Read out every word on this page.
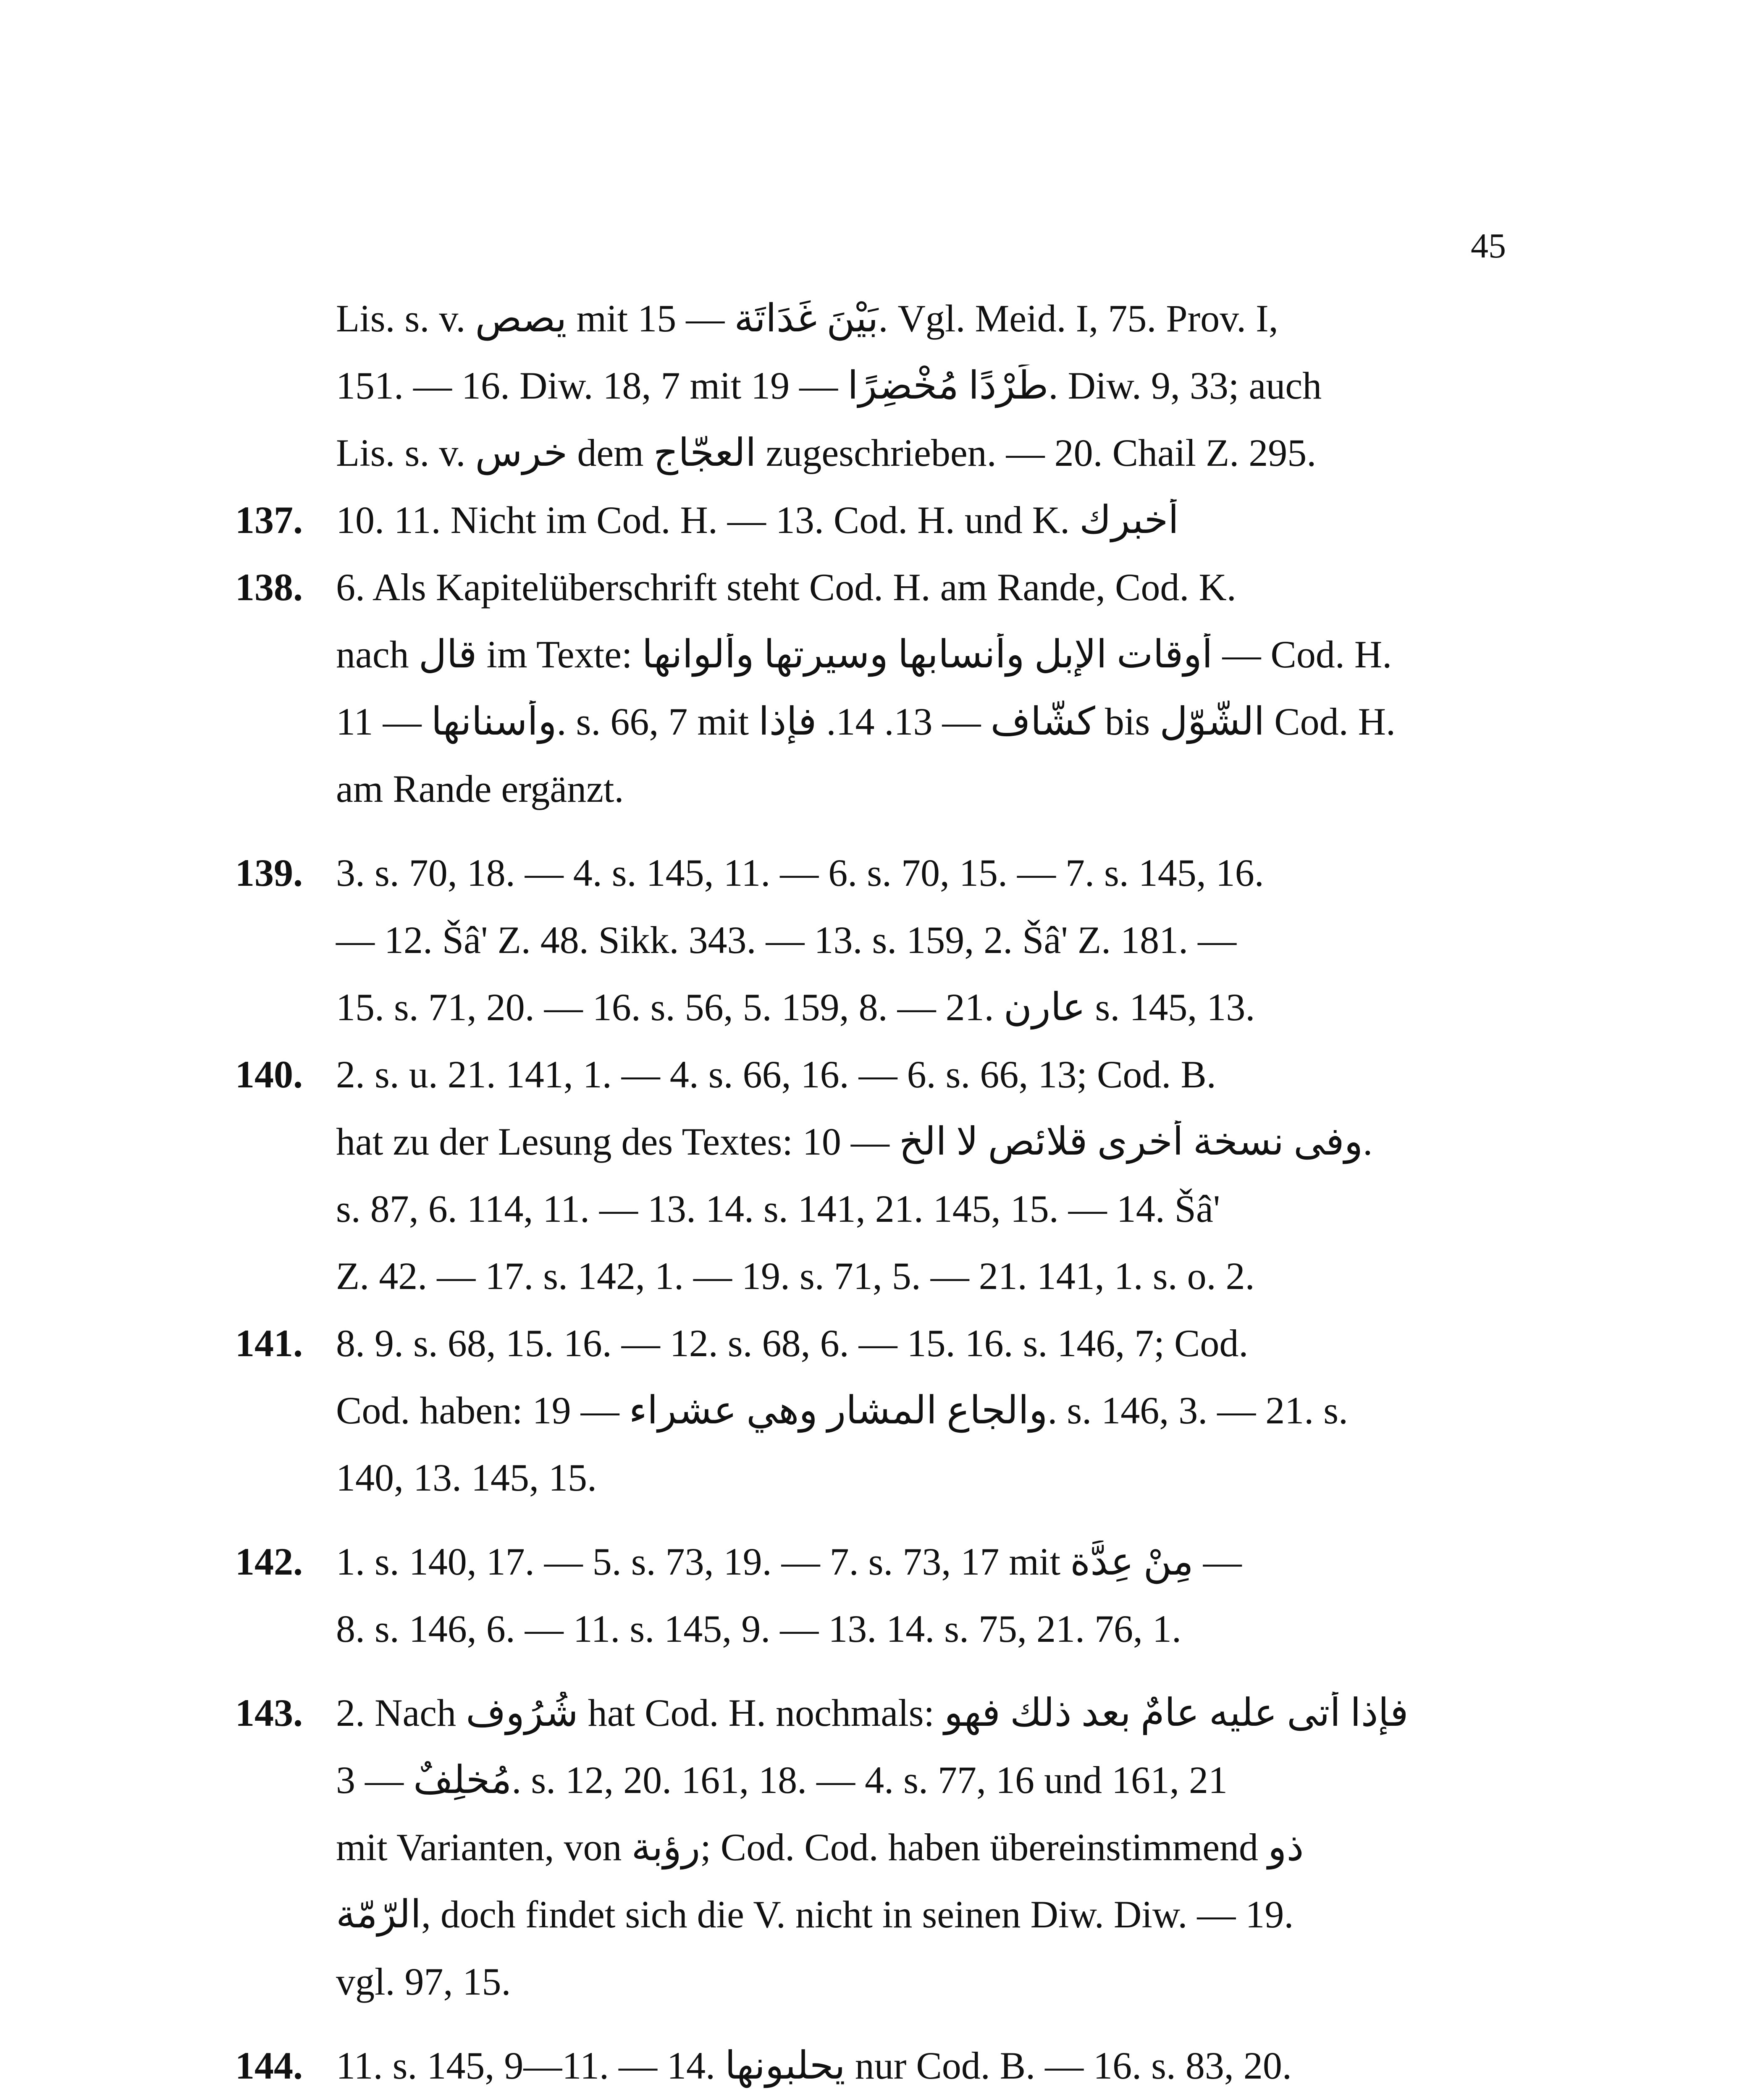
45
Lis. s. v. يصص mit بَيْنَ غَدَاتَة — 15. Vgl. Meid. I, 75. Prov. I,
151. — 16. Diw. 18, 7 mit طَرْدًا مُخْضِرًا — 19. Diw. 9, 33; auch
Lis. s. v. خرس dem العجّاج zugeschrieben. — 20. Chail Z. 295.
137. 10. 11. Nicht im Cod. H. — 13. Cod. H. und K. أخبرك
138. 6. Als Kapitelüberschrift steht Cod. H. am Rande, Cod. K.
nach قال im Texte: أوقات الإبل وأنسابها وسيرتها وألوانها — Cod. H.
وأسنانها — 11. s. 66, 7 mit كشّاف — 13. 14. فإذا bis الشّوّل Cod. H.
am Rande ergänzt.
139. 3. s. 70, 18. — 4. s. 145, 11. — 6. s. 70, 15. — 7. s. 145, 16.
— 12. Šâ' Z. 48. Sikk. 343. — 13. s. 159, 2. Šâ' Z. 181. —
15. s. 71, 20. — 16. s. 56, 5. 159, 8. — 21. عارن s. 145, 13.
140. 2. s. u. 21. 141, 1. — 4. s. 66, 16. — 6. s. 66, 13; Cod. B.
hat zu der Lesung des Textes: وفى نسخة أخرى قلائص لا الخ — 10.
s. 87, 6. 114, 11. — 13. 14. s. 141, 21. 145, 15. — 14. Šâ'
Z. 42. — 17. s. 142, 1. — 19. s. 71, 5. — 21. 141, 1. s. o. 2.
141. 8. 9. s. 68, 15. 16. — 12. s. 68, 6. — 15. 16. s. 146, 7; Cod.
Cod. haben: والجاع المشار وهي عشراء — 19. s. 146, 3. — 21. s.
140, 13. 145, 15.
142. 1. s. 140, 17. — 5. s. 73, 19. — 7. s. 73, 17 mit مِنْ عِدَّة —
8. s. 146, 6. — 11. s. 145, 9. — 13. 14. s. 75, 21. 76, 1.
143. 2. Nach شُرُوف hat Cod. H. nochmals: فإذا أتى عليه عامٌ بعد ذلك فهو
مُخلِفٌ — 3. s. 12, 20. 161, 18. — 4. s. 77, 16 und 161, 21
mit Varianten, von رؤبة; Cod. Cod. haben übereinstimmend ذو
الرّمّة, doch findet sich die V. nicht in seinen Diw. Diw. — 19.
vgl. 97, 15.
144. 11. s. 145, 9—11. — 14. يحلبونها nur Cod. B. — 16. s. 83, 20.
